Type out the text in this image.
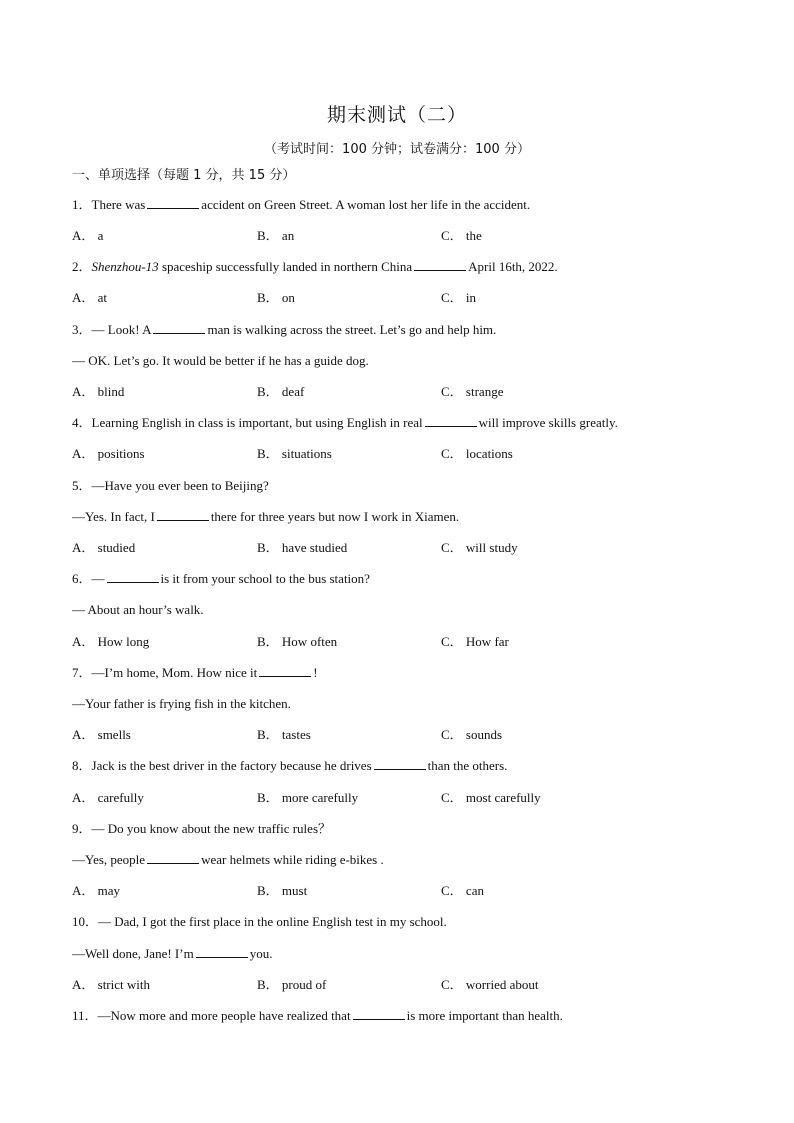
期末测试（二）
（考试时间：100 分钟；试卷满分：100 分）
一、单项选择（每题 1 分，共 15 分）
1．There was	accident on Green Street. A woman lost her life in the accident.
A． a	B． an	C． the
2．Shenzhou-13 spaceship successfully landed in northern China	April 16th, 2022.
A． at	B． on	C． in
3．— Look! A	man is walking across the street. Let’s go and help him.
— OK. Let’s go. It would be better if he has a guide dog.
A． blind	B． deaf	C． strange
4．Learning English in class is important, but using English in real	will improve skills greatly.
A． positions	B． situations	C． locations
5．—Have you ever been to Beijing?
—Yes. In fact, I	there for three years but now I work in Xiamen.
A． studied	B． have studied	C． will study
6．—	is it from your school to the bus station?
— About an hour’s walk.
A． How long	B． How often	C． How far
7．—I’m home, Mom. How nice it	!
—Your father is frying fish in the kitchen.
A． smells	B． tastes	C． sounds
8．Jack is the best driver in the factory because he drives	than the others.
A． carefully	B． more carefully	C． most carefully
9．— Do you know about the new traffic rules？
—Yes, people	wear helmets while riding e-bikes .
A． may	B． must	C． can
10．— Dad, I got the first place in the online English test in my school.
—Well done, Jane! I’m	you.
A． strict with	B． proud of	C． worried about
11．—Now more and more people have realized that	is more important than health.
